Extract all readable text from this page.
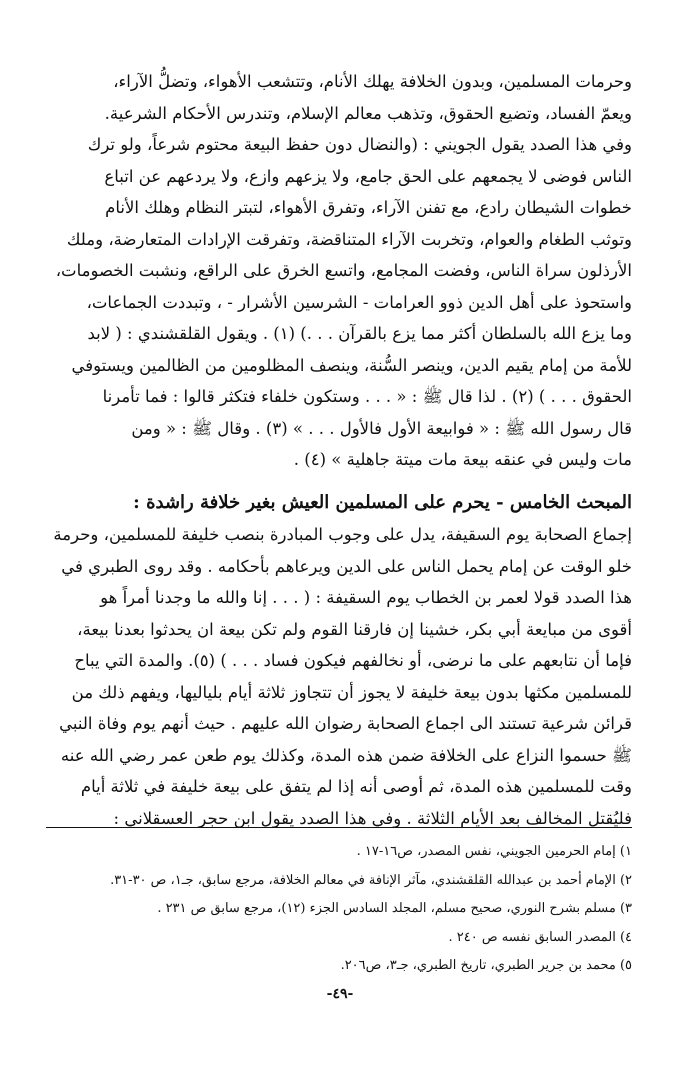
وحرمات المسلمين، وبدون الخلافة يهلك الأنام، وتتشعب الأهواء، وتضلُّ الآراء،
ويعمّ الفساد، وتضيع الحقوق، وتذهب معالم الإسلام، وتندرس الأحكام الشرعية.
وفي هذا الصدد يقول الجويني : (والنضال دون حفظ البيعة محتوم شرعاً، ولو ترك
الناس فوضى لا يجمعهم على الحق جامع، ولا يزعهم وازع، ولا يردعهم عن اتباع
خطوات الشيطان رادع، مع تفنن الآراء، وتفرق الأهواء، لتبتر النظام وهلك الأنام
وتوثب الطغام والعوام، وتخربت الآراء المتناقضة، وتفرقت الإرادات المتعارضة، وملك
الأرذلون سراة الناس، وفضت المجامع، واتسع الخرق على الراقع، ونشبت الخصومات،
واستحوذ على أهل الدين ذوو العرامات - الشرسين الأشرار - ، وتبددت الجماعات،
وما يزع الله بالسلطان أكثر مما يزع بالقرآن . . .) (١) . ويقول القلقشندي : ( لابد
للأمة من إمام يقيم الدين، وينصر السُّنة، وينصف المظلومين من الظالمين ويستوفي
الحقوق . . . ) (٢) . لذا قال ﷺ : « . . . وستكون خلفاء فتكثر قالوا : فما تأمرنا
قال رسول الله ﷺ : « فوابيعة الأول فالأول . . . » (٣) . وقال ﷺ : « ومن
مات وليس في عنقه بيعة مات ميتة جاهلية » (٤) .
المبحث الخامس - يحرم على المسلمين العيش بغير خلافة راشدة :
إجماع الصحابة يوم السقيفة، يدل على وجوب المبادرة بنصب خليفة للمسلمين، وحرمة
خلو الوقت عن إمام يحمل الناس على الدين ويرعاهم بأحكامه . وقد روى الطبري في
هذا الصدد قولا لعمر بن الخطاب يوم السقيفة : ( . . . إنا والله ما وجدنا أمراً هو
أقوى من مبايعة أبي بكر، خشينا إن فارقنا القوم ولم تكن بيعة ان يحدثوا بعدنا بيعة،
فإما أن نتابعهم على ما نرضى، أو نخالفهم فيكون فساد . . . ) (٥). والمدة التي يباح
للمسلمين مكثها بدون بيعة خليفة لا يجوز أن تتجاوز ثلاثة أيام بلياليها، ويفهم ذلك من
قرائن شرعية تستند الى اجماع الصحابة رضوان الله عليهم . حيث أنهم يوم وفاة النبي
ﷺ حسموا النزاع على الخلافة ضمن هذه المدة، وكذلك يوم طعن عمر رضي الله عنه
وقت للمسلمين هذه المدة، ثم أوصى أنه إذا لم يتفق على بيعة خليفة في ثلاثة أيام
فليُقتل المخالف بعد الأيام الثلاثة . وفي هذا الصدد يقول ابن حجر العسقلاني :
١) إمام الحرمين الجويني، نفس المصدر، ص١٦-١٧ .
٢) الإمام أحمد بن عبدالله القلقشندي، مآثر الإنافة في معالم الخلافة، مرجع سابق، جـ١، ص ٣٠-٣١.
٣) مسلم بشرح النوري، صحيح مسلم، المجلد السادس الجزء (١٢)، مرجع سابق ص ٢٣١ .
٤) المصدر السابق نفسه ص ٢٤٠ .
٥) محمد بن جرير الطبري، تاريخ الطبري، جـ٣، ص٢٠٦.
-٤٩-
